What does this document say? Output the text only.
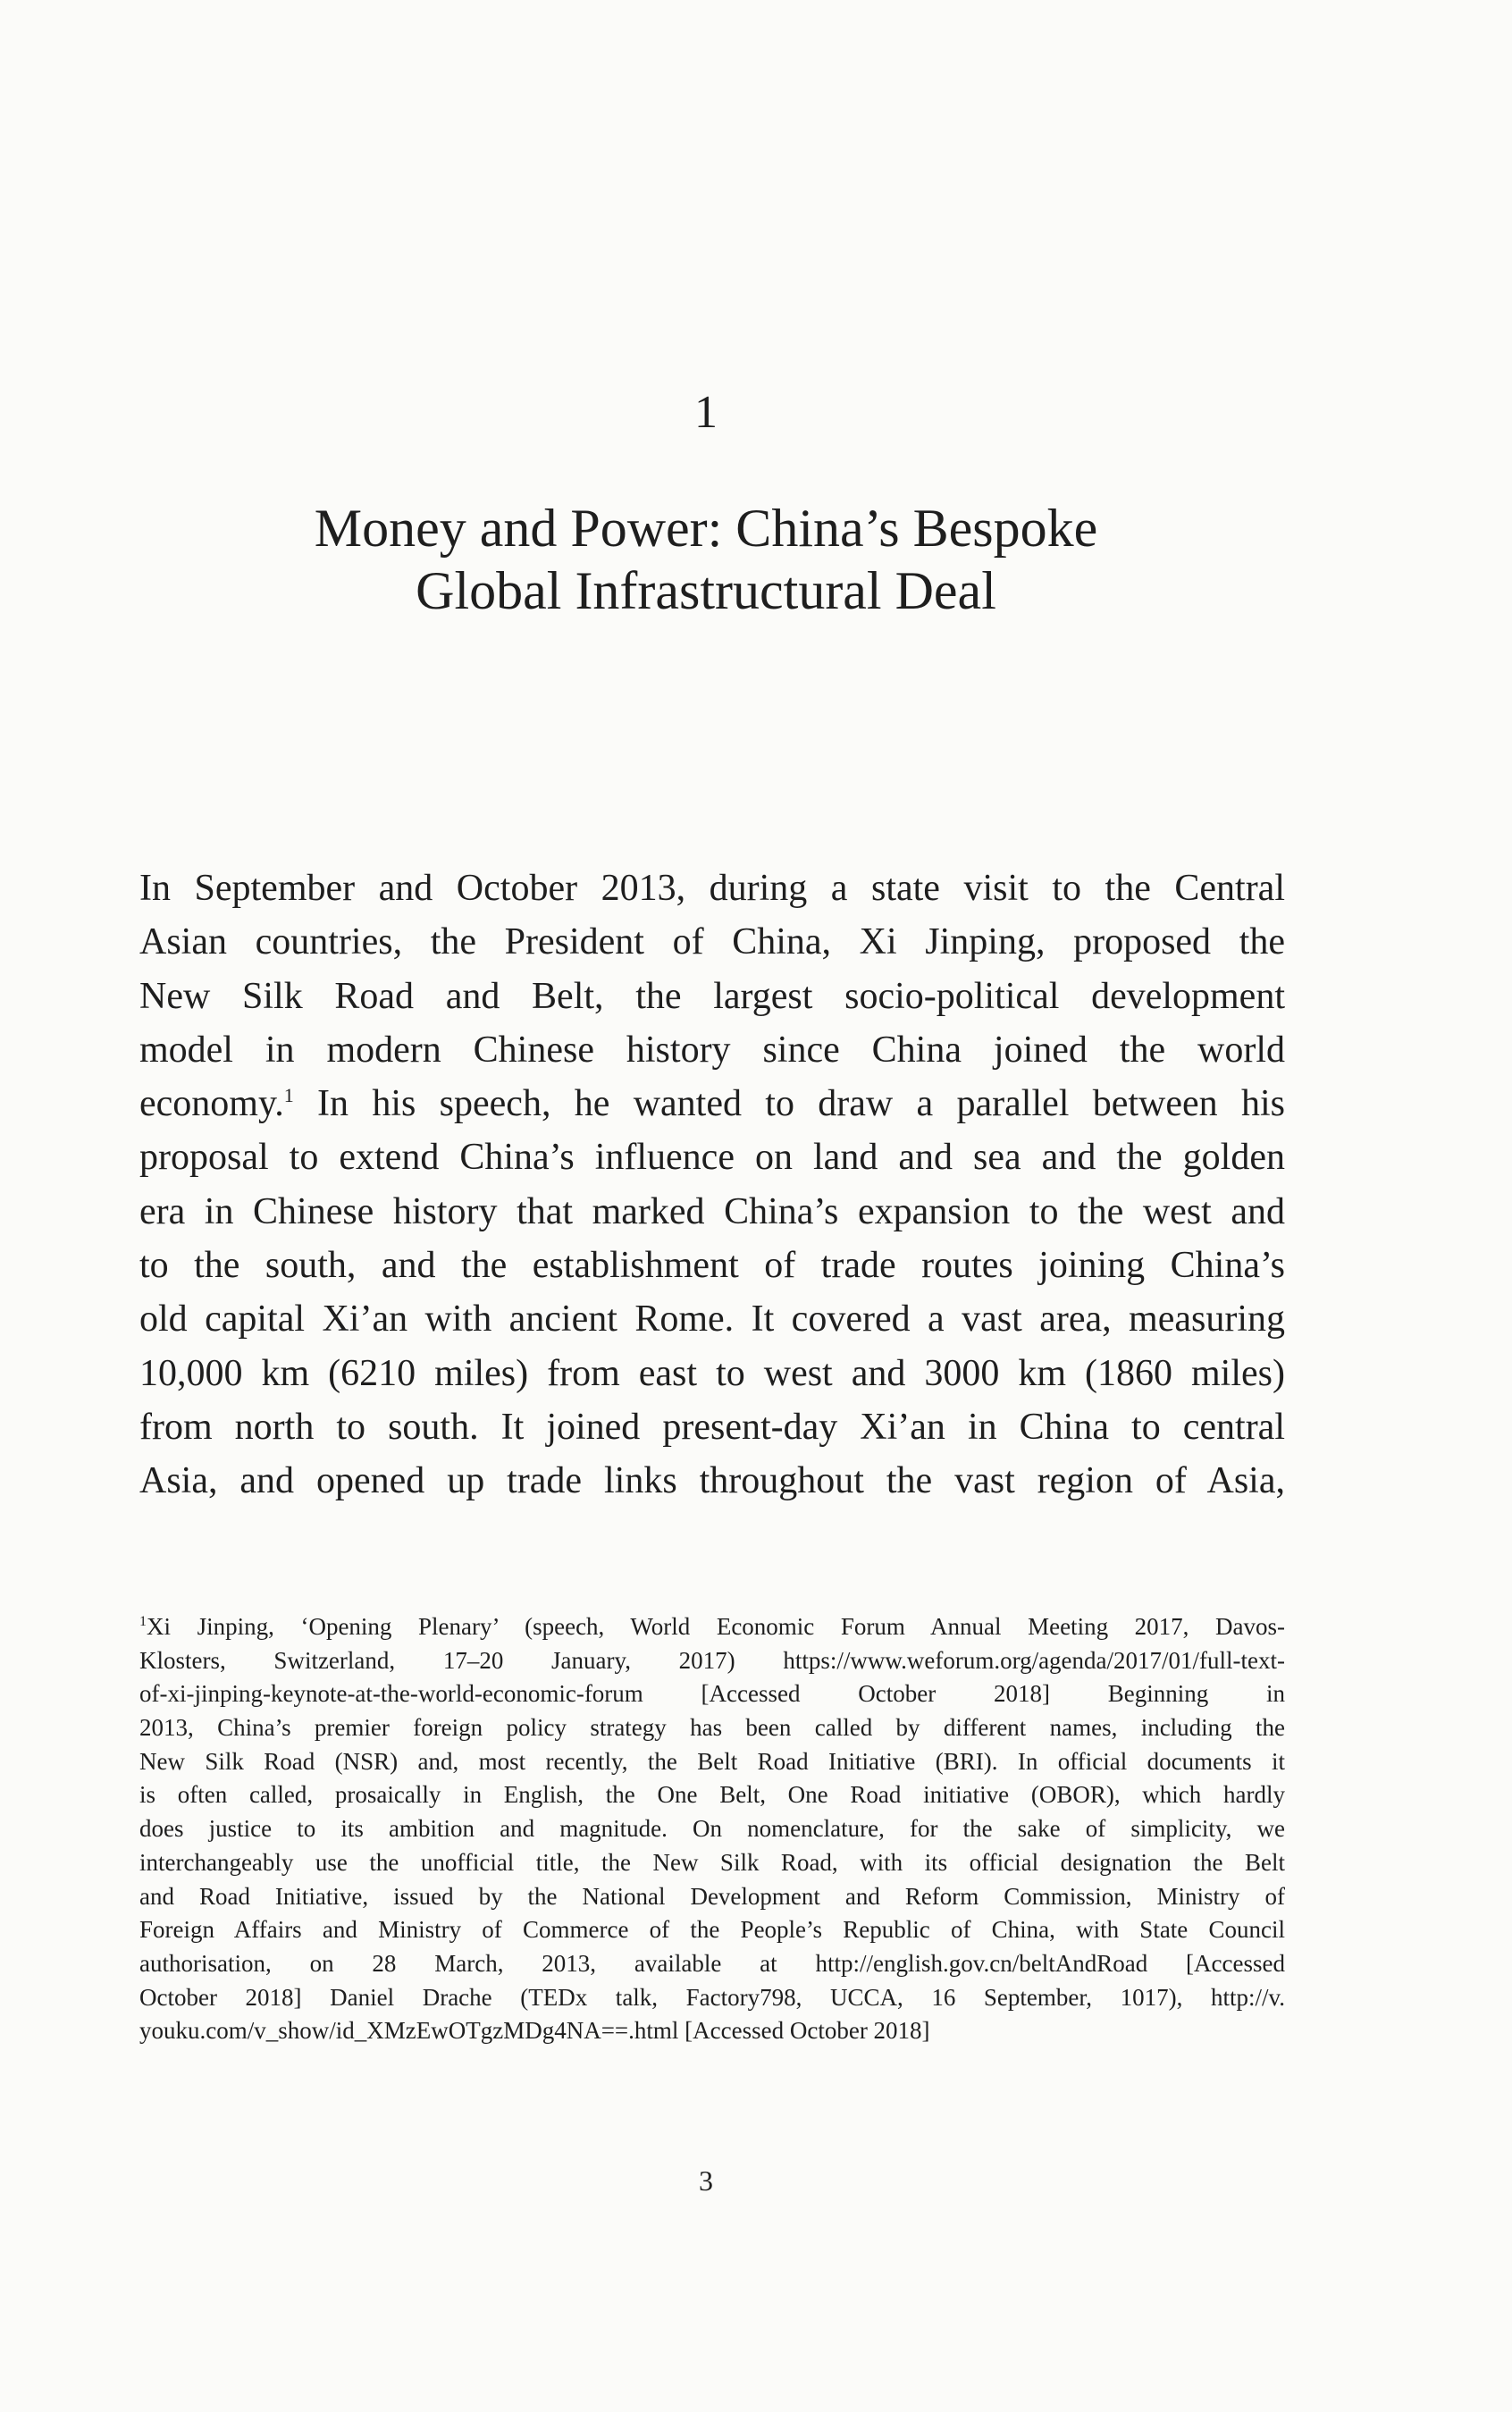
1
Money and Power: China’s Bespoke
Global Infrastructural Deal
In September and October 2013, during a state visit to the Central
Asian countries, the President of China, Xi Jinping, proposed the
New Silk Road and Belt, the largest socio-political development
model in modern Chinese history since China joined the world
economy.$^1$ In his speech, he wanted to draw a parallel between his
proposal to extend China’s influence on land and sea and the golden
era in Chinese history that marked China’s expansion to the west and
to the south, and the establishment of trade routes joining China’s
old capital Xi’an with ancient Rome. It covered a vast area, measuring
10,000 km (6210 miles) from east to west and 3000 km (1860 miles)
from north to south. It joined present-day Xi’an in China to central
Asia, and opened up trade links throughout the vast region of Asia,
$^1$Xi Jinping, ‘Opening Plenary’ (speech, World Economic Forum Annual Meeting 2017, Davos-
Klosters, Switzerland, 17–20 January, 2017) https://www.weforum.org/agenda/2017/01/full-text-
of-xi-jinping-keynote-at-the-world-economic-forum [Accessed October 2018] Beginning in
2013, China’s premier foreign policy strategy has been called by different names, including the
New Silk Road (NSR) and, most recently, the Belt Road Initiative (BRI). In official documents it
is often called, prosaically in English, the One Belt, One Road initiative (OBOR), which hardly
does justice to its ambition and magnitude. On nomenclature, for the sake of simplicity, we
interchangeably use the unofficial title, the New Silk Road, with its official designation the Belt
and Road Initiative, issued by the National Development and Reform Commission, Ministry of
Foreign Affairs and Ministry of Commerce of the People’s Republic of China, with State Council
authorisation, on 28 March, 2013, available at http://english.gov.cn/beltAndRoad [Accessed
October 2018] Daniel Drache (TEDx talk, Factory798, UCCA, 16 September, 1017), http://v.
youku.com/v_show/id_XMzEwOTgzMDg4NA==.html [Accessed October 2018]
3
